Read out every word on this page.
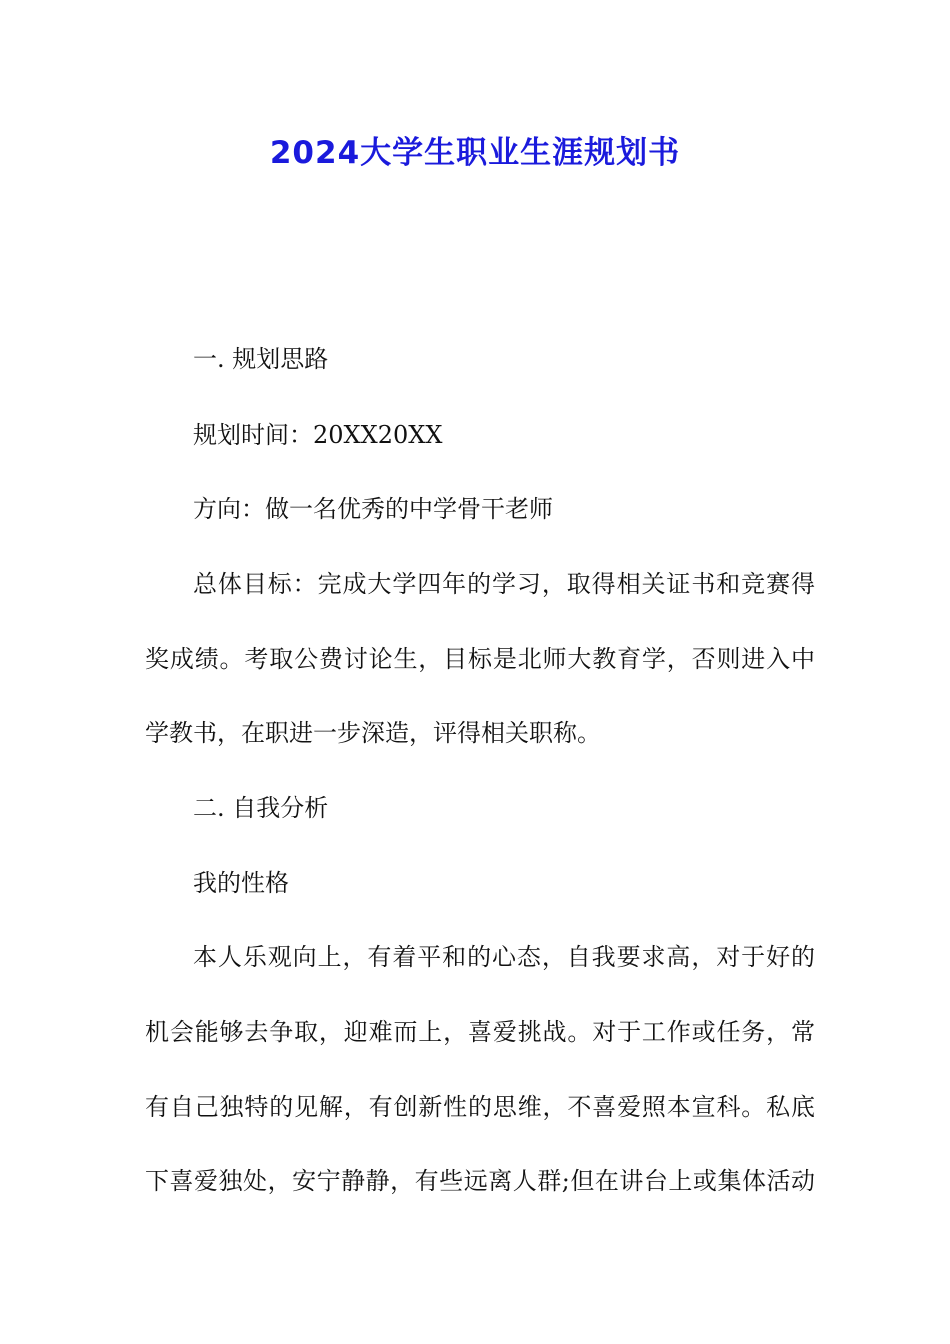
2024大学生职业生涯规划书
一. 规划思路
规划时间：20XX20XX
方向：做一名优秀的中学骨干老师
总体目标：完成大学四年的学习，取得相关证书和竞赛得
奖成绩。考取公费讨论生，目标是北师大教育学，否则进入中
学教书，在职进一步深造，评得相关职称。
二. 自我分析
我的性格
本人乐观向上，有着平和的心态，自我要求高，对于好的
机会能够去争取，迎难而上，喜爱挑战。对于工作或任务，常
有自己独特的见解，有创新性的思维，不喜爱照本宣科。私底
下喜爱独处，安宁静静，有些远离人群;但在讲台上或集体活动
